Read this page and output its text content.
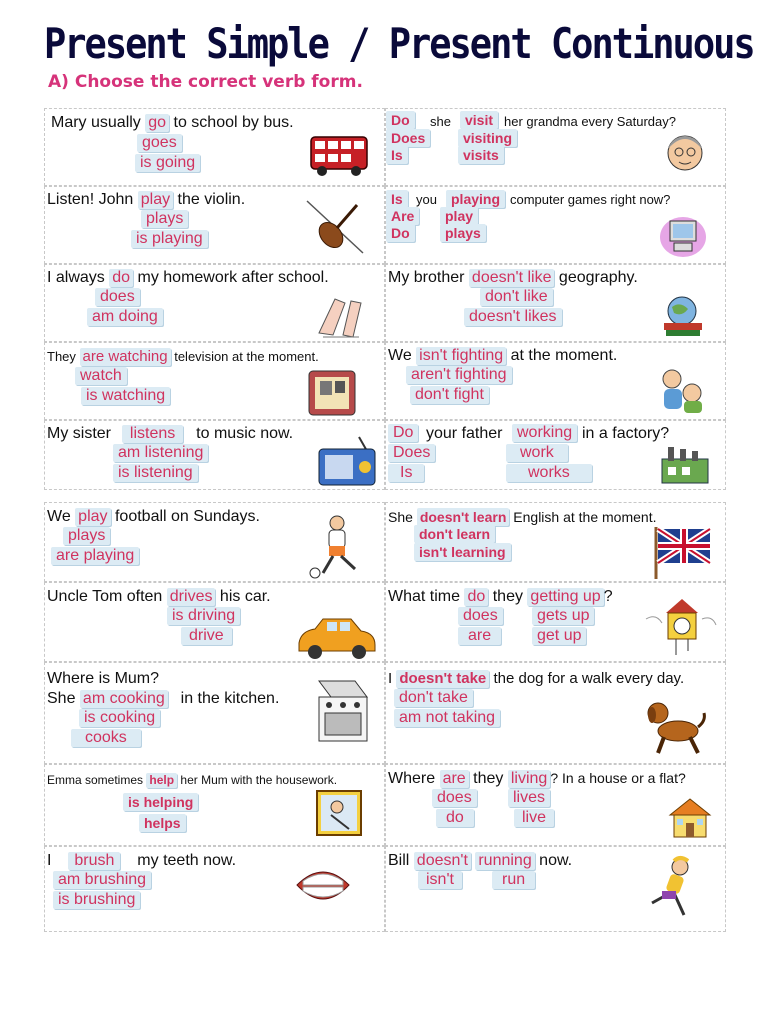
Present Simple / Present Continuous
A) Choose the correct verb form.
Mary usually go to school by bus.
goes
is going
Do	she	visit her grandma every Saturday?
Does	visiting
Is	visits
Listen! John play the violin.
plays
is playing
Is	you	playing computer games right now?
Are	play
Do	plays
I always do my homework after school.
does
am doing
My brother doesn't like geography.
don't like
doesn't likes
They are watching television at the moment.
watch
is watching
We isn't fighting at the moment.
aren't fighting
don't fight
My sister listens to music now.
am listening
is listening
Do your father working in a factory?
Does	work
Is	works
We play football on Sundays.
plays
are playing
She doesn't learn English at the moment.
don't learn
isn't learning
Uncle Tom often drives his car.
is driving
drive
What time do they getting up ?
does	gets up
are	get up
Where is Mum?
She am cooking in the kitchen.
is cooking
cooks
I doesn't take the dog for a walk every day.
don't take
am not taking
Emma sometimes help her Mum with the housework.
is helping
helps
Where are they living ? In a house or a flat?
does	lives
do	live
I brush my teeth now.
am brushing
is brushing
Bill doesn't running now.
isn't	run
